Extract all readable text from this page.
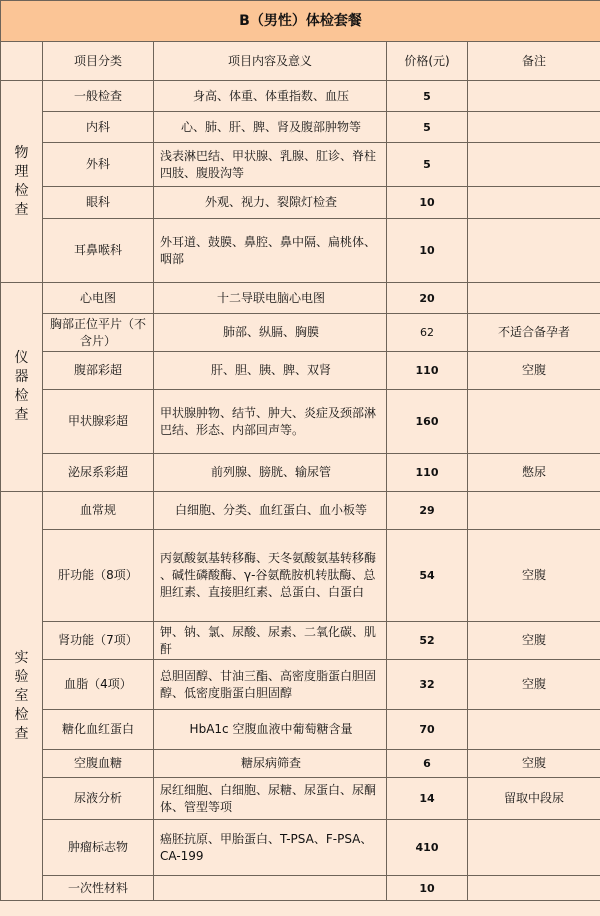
B（男性）体检套餐				
	项目分类	项目内容及意义	价格(元)	备注

物
理
检
查	一般检查	身高、体重、体重指数、血压	5	
	内科	心、肺、肝、脾、肾及腹部肿物等	5	
	外科	浅表淋巴结、甲状腺、乳腺、肛诊、脊柱四肢、腹股沟等	5	
	眼科	外观、视力、裂隙灯检查	10	
	耳鼻喉科	外耳道、鼓膜、鼻腔、鼻中隔、扁桃体、咽部	10	

仪
器
检
查	心电图	十二导联电脑心电图	20	
	胸部正位平片（不含片）	肺部、纵膈、胸膜	62	不适合备孕者
	腹部彩超	肝、胆、胰、脾、双肾	110	空腹
	甲状腺彩超	甲状腺肿物、结节、肿大、炎症及颈部淋巴结、形态、内部回声等。	160	
	泌尿系彩超	前列腺、膀胱、输尿管	110	憋尿

实
验
室
检
查	血常规	白细胞、分类、血红蛋白、血小板等	29	
	肝功能（8项）	丙氨酸氨基转移酶、天冬氨酸氨基转移酶 、碱性磷酸酶、γ-谷氨酰胺机转肽酶、总胆红素、直接胆红素、总蛋白、白蛋白	54	空腹
	肾功能（7项）	钾、钠、氯、尿酸、尿素、二氧化碳、肌酐	52	空腹
	血脂（4项）	总胆固醇、甘油三酯、高密度脂蛋白胆固醇、低密度脂蛋白胆固醇	32	空腹
	糖化血红蛋白	HbA1c 空腹血液中葡萄糖含量	70	
	空腹血糖	糖尿病筛查	6	空腹
	尿液分析	尿红细胞、白细胞、尿糖、尿蛋白、尿酮体、管型等项	14	留取中段尿
	肿瘤标志物	癌胚抗原、甲胎蛋白、T-PSA、F-PSA、CA-199	410	
	一次性材料		10	
